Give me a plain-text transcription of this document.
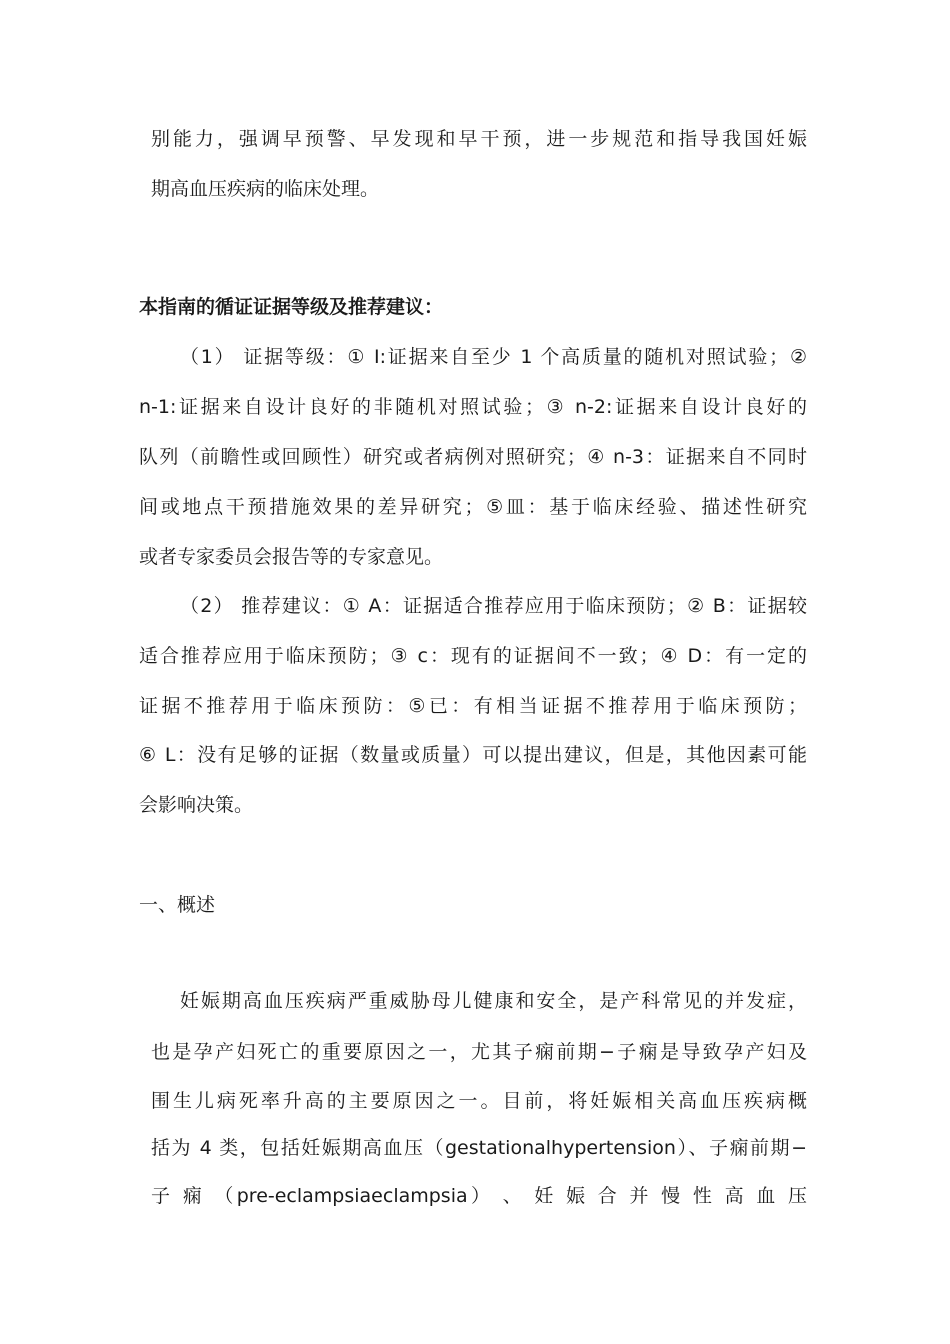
别能力，强调早预警、早发现和早干预，进一步规范和指导我国妊娠
期高血压疾病的临床处理。
本指南的循证证据等级及推荐建议：
（1） 证据等级：① I:证据来自至少 1 个高质量的随机对照试验；②
n-1:证据来自设计良好的非随机对照试验；③ n-2:证据来自设计良好的
队列（前瞻性或回顾性）研究或者病例对照研究；④ n-3：证据来自不同时
间或地点干预措施效果的差异研究；⑤皿：基于临床经验、描述性研究
或者专家委员会报告等的专家意见。
（2） 推荐建议：① A：证据适合推荐应用于临床预防；② B：证据较
适合推荐应用于临床预防；③ c：现有的证据间不一致；④ D：有一定的
证据不推荐用于临床预防：⑤已：有相当证据不推荐用于临床预防；
⑥ L：没有足够的证据（数量或质量）可以提出建议，但是，其他因素可能
会影响决策。
一、概述
妊娠期高血压疾病严重威胁母儿健康和安全，是产科常见的并发症，
也是孕产妇死亡的重要原因之一，尤其子痫前期−子痫是导致孕产妇及
围生儿病死率升高的主要原因之一。目前，将妊娠相关高血压疾病概
括为 4 类，包括妊娠期高血压（gestationalhypertension）、子痫前期−
子 痫 （pre-eclampsiaeclampsia） 、 妊 娠 合 并 慢 性 高 血 压
